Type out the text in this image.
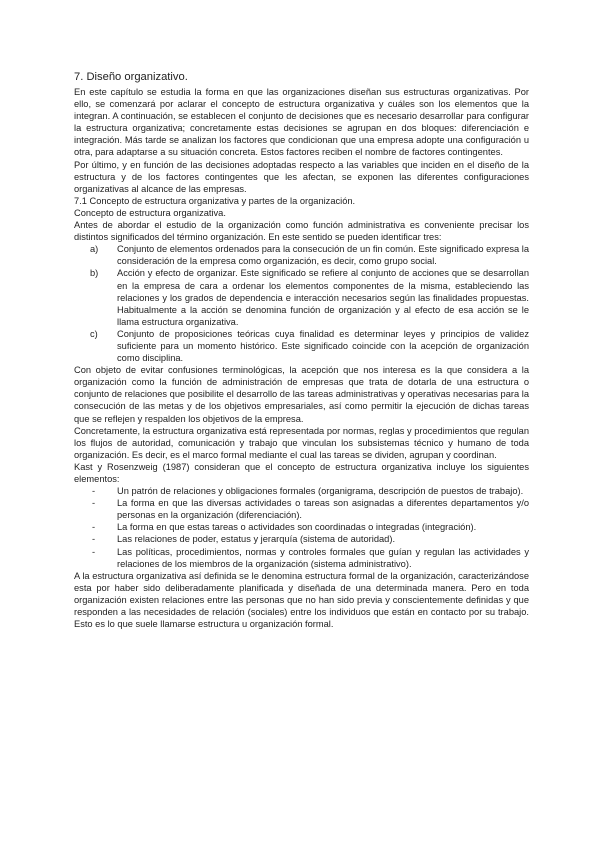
7. Diseño organizativo.

En este capítulo se estudia la forma en que las organizaciones diseñan sus estructuras organizativas. Por ello, se comenzará por aclarar el concepto de estructura organizativa y cuáles son los elementos que la integran. A continuación, se establecen el conjunto de decisiones que es necesario desarrollar para configurar la estructura organizativa; concretamente estas decisiones se agrupan en dos bloques: diferenciación e integración. Más tarde se analizan los factores que condicionan que una empresa adopte una configuración u otra, para adaptarse a su situación concreta. Estos factores reciben el nombre de factores contingentes.

Por último, y en función de las decisiones adoptadas respecto a las variables que inciden en el diseño de la estructura y de los factores contingentes que les afectan, se exponen las diferentes configuraciones organizativas al alcance de las empresas.

7.1 Concepto de estructura organizativa y partes de la organización.

Concepto de estructura organizativa.

Antes de abordar el estudio de la organización como función administrativa es conveniente precisar los distintos significados del término organización. En este sentido se pueden identificar tres:

a) Conjunto de elementos ordenados para la consecución de un fin común. Este significado expresa la consideración de la empresa como organización, es decir, como grupo social.
b) Acción y efecto de organizar. Este significado se refiere al conjunto de acciones que se desarrollan en la empresa de cara a ordenar los elementos componentes de la misma, estableciendo las relaciones y los grados de dependencia e interacción necesarios según las finalidades propuestas. Habitualmente a la acción se denomina función de organización y al efecto de esa acción se le llama estructura organizativa.
c) Conjunto de proposiciones teóricas cuya finalidad es determinar leyes y principios de validez suficiente para un momento histórico. Este significado coincide con la acepción de organización como disciplina.

Con objeto de evitar confusiones terminológicas, la acepción que nos interesa es la que considera a la organización como la función de administración de empresas que trata de dotarla de una estructura o conjunto de relaciones que posibilite el desarrollo de las tareas administrativas y operativas necesarias para la consecución de las metas y de los objetivos empresariales, así como permitir la ejecución de dichas tareas que se reflejen y respalden los objetivos de la empresa.

Concretamente, la estructura organizativa está representada por normas, reglas y procedimientos que regulan los flujos de autoridad, comunicación y trabajo que vinculan los subsistemas técnico y humano de toda organización. Es decir, es el marco formal mediante el cual las tareas se dividen, agrupan y coordinan.

Kast y Rosenzweig (1987) consideran que el concepto de estructura organizativa incluye los siguientes elementos:

- Un patrón de relaciones y obligaciones formales (organigrama, descripción de puestos de trabajo).
- La forma en que las diversas actividades o tareas son asignadas a diferentes departamentos y/o personas en la organización (diferenciación).
- La forma en que estas tareas o actividades son coordinadas o integradas (integración).
- Las relaciones de poder, estatus y jerarquía (sistema de autoridad).
- Las políticas, procedimientos, normas y controles formales que guían y regulan las actividades y relaciones de los miembros de la organización (sistema administrativo).

A la estructura organizativa así definida se le denomina estructura formal de la organización, caracterizándose esta por haber sido deliberadamente planificada y diseñada de una determinada manera. Pero en toda organización existen relaciones entre las personas que no han sido previa y conscientemente definidas y que responden a las necesidades de relación (sociales) entre los individuos que están en contacto por su trabajo. Esto es lo que suele llamarse estructura u organización formal.
